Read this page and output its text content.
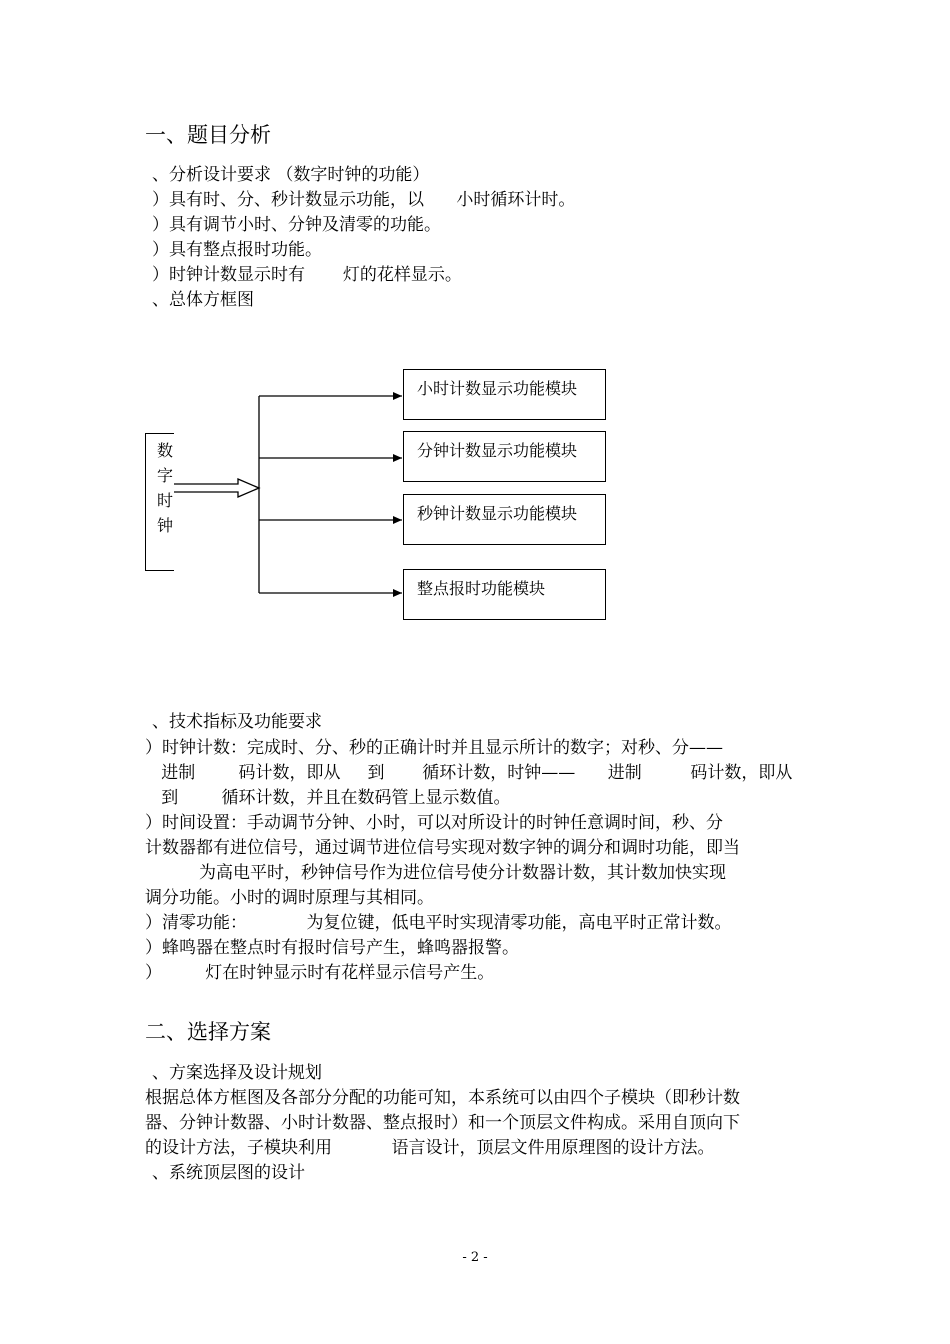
一、题目分析
、分析设计要求 （数字时钟的功能）
）具有时、分、秒计数显示功能，以      小时循环计时。
）具有调节小时、分钟及清零的功能。
）具有整点报时功能。
）时钟计数显示时有       灯的花样显示。
、总体方框图
数
字
时
钟
小时计数显示功能模块
分钟计数显示功能模块
秒钟计数显示功能模块
整点报时功能模块
、技术指标及功能要求
）时钟计数：完成时、分、秒的正确计时并且显示所计的数字；对秒、分——
进制        码计数，即从     到       循环计数，时钟——      进制         码计数，即从
到        循环计数，并且在数码管上显示数值。
）时间设置：手动调节分钟、小时，可以对所设计的时钟任意调时间，秒、分
计数器都有进位信号，通过调节进位信号实现对数字钟的调分和调时功能，即当
为高电平时，秒钟信号作为进位信号使分计数器计数，其计数加快实现
调分功能。小时的调时原理与其相同。
）清零功能：           为复位键，低电平时实现清零功能，高电平时正常计数。
）蜂鸣器在整点时有报时信号产生，蜂鸣器报警。
）        灯在时钟显示时有花样显示信号产生。
二、选择方案
、方案选择及设计规划
根据总体方框图及各部分分配的功能可知，本系统可以由四个子模块（即秒计数
器、分钟计数器、小时计数器、整点报时）和一个顶层文件构成。采用自顶向下
的设计方法，子模块利用           语言设计，顶层文件用原理图的设计方法。
、系统顶层图的设计
- 2 -
